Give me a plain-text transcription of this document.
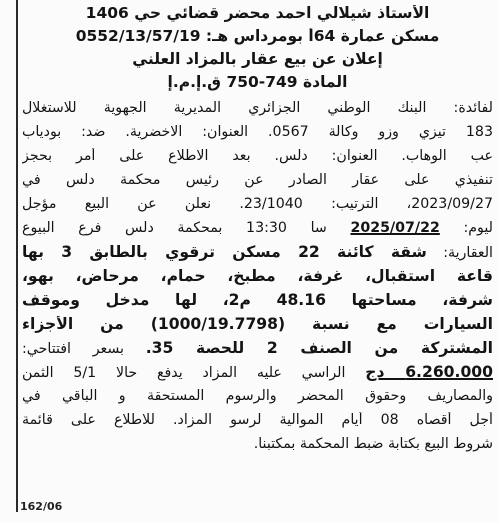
الأستاذ شيلالي احمد محضر قضائي حي 1406
مسكن عمارة 64أ بومرداس هـ: 0552/13/57/19
إعلان عن بيع عقار بالمزاد العلني
المادة 749-750 ق.إ.م.إ
لفائدة: البنك الوطني الجزائري المديرية الجهوية للاستغلال
183 تيزي وزو وكالة 0567. العنوان: الاخضرية. ضد: بودياب
عب الوهاب. العنوان: دلس. بعد الاطلاع على أمر بحجز
تنفيذي على عقار الصادر عن رئيس محكمة دلس في
2023/09/27، الترتيب: 23/1040. نعلن عن البيع مؤجل
ليوم: 2025/07/22 سا 13:30 بمحكمة دلس فرع البيوع
العقارية: شقة كائنة 22 مسكن ترقوي بالطابق 3 بها
قاعة استقبال، غرفة، مطبخ، حمام، مرحاض، بهو،
شرفة، مساحتها 48.16 م2، لها مدخل وموقف
السيارات مع نسبة (1000/19.7798) من الأجزاء
المشتركة من الصنف 2 للحصة 35. بسعر افتتاحي:
6.260.000 دج الراسي عليه المزاد يدفع حالا 5/1 الثمن
والمصاريف وحقوق المحضر والرسوم المستحقة و الباقي في
أجل أقصاه 08 أيام الموالية لرسو المزاد. للاطلاع على قائمة
شروط البيع بكتابة ضبط المحكمة بمكتبنا.
162/06
